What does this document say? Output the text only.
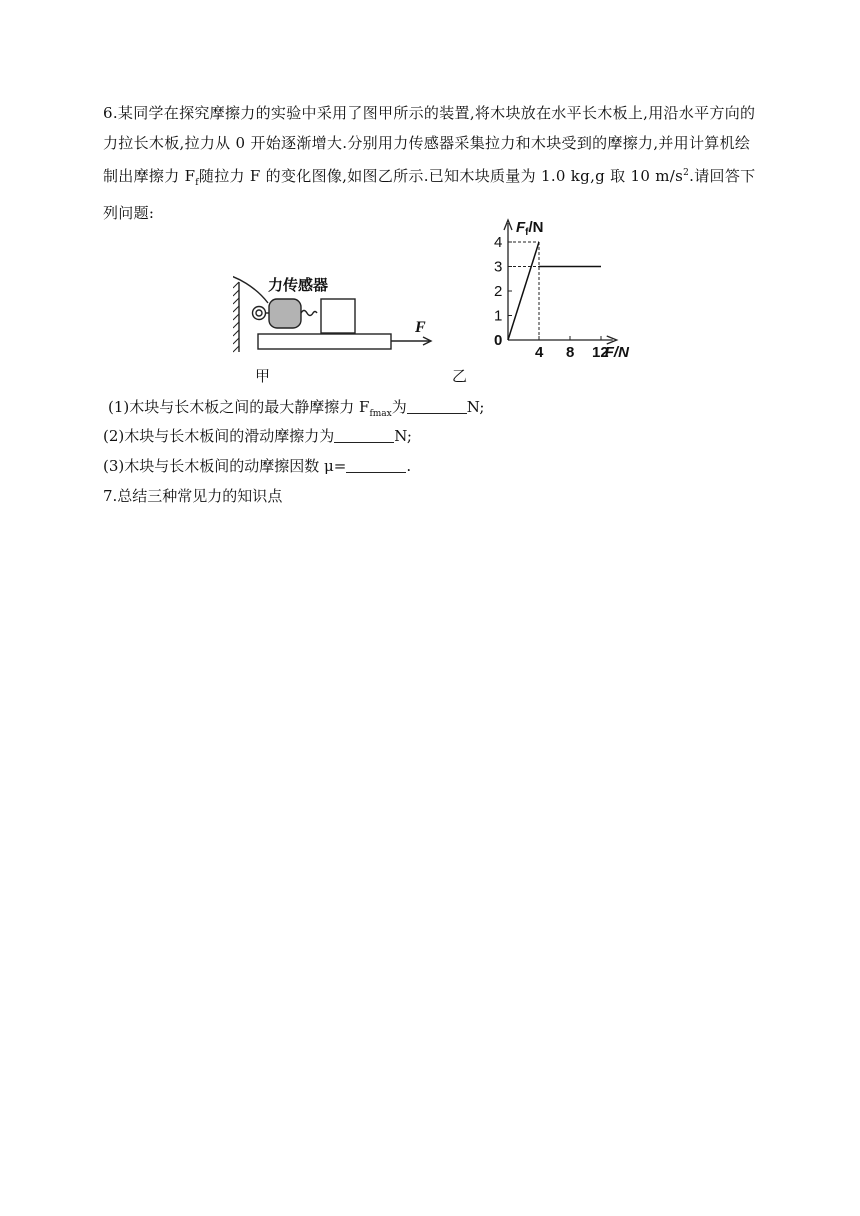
6.某同学在探究摩擦力的实验中采用了图甲所示的装置,将木块放在水平长木板上,用沿水平方向的力拉长木板,拉力从 0 开始逐渐增大.分别用力传感器采集拉力和木块受到的摩擦力,并用计算机绘制出摩擦力 $F_f$随拉力 F 的变化图像,如图乙所示.已知木块质量为 1.0 kg,g 取 10 $m/s^2$.请回答下列问题:
力传感器
F
1
2
3
4
4 8 12
0
$F_f/N$
F/N
甲	乙
(1)木块与长木板之间的最大静摩擦力 $F_{fmax}$为	N;
(2)木块与长木板间的滑动摩擦力为	N;
(3)木块与长木板间的动摩擦因数 μ=	.
7.总结三种常见力的知识点
